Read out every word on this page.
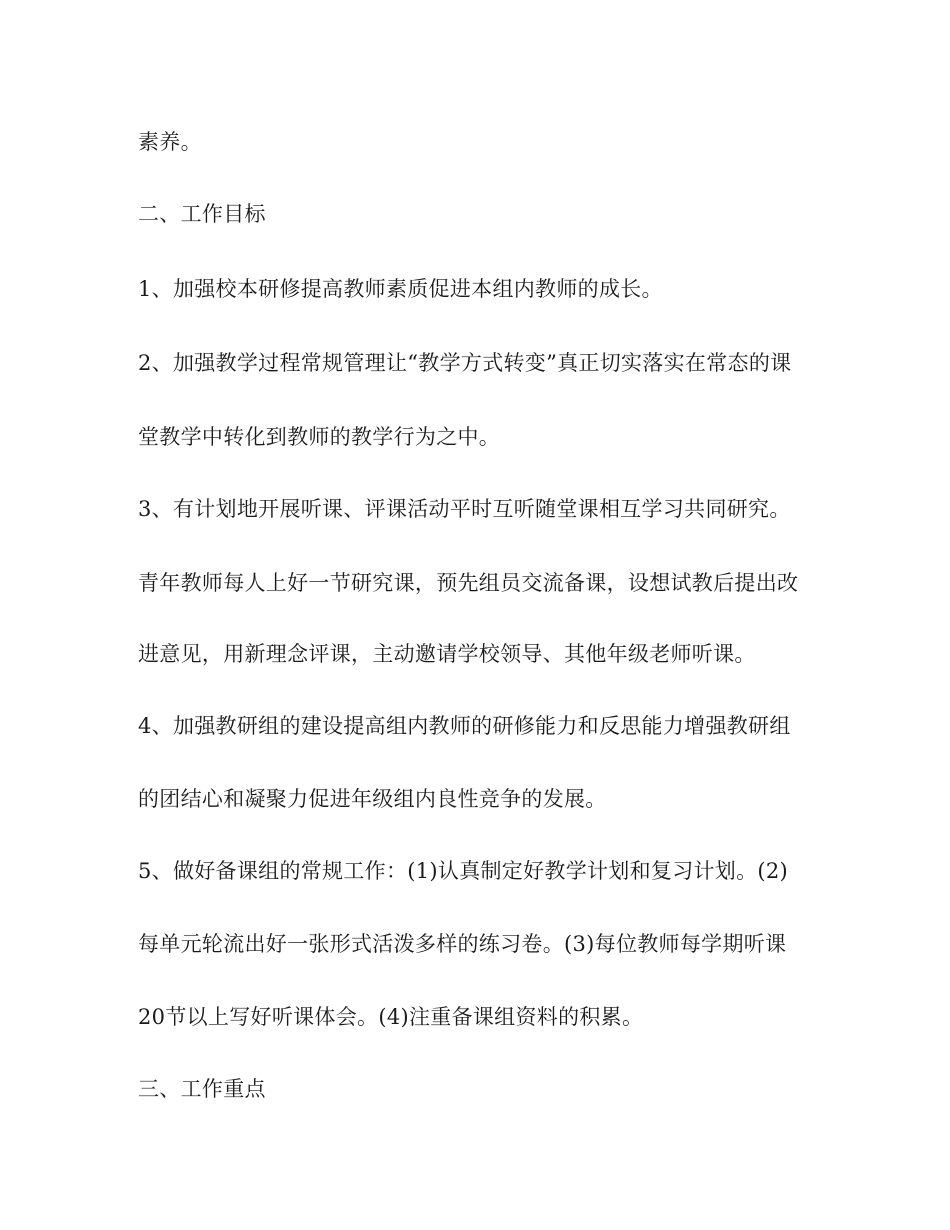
素养。
二、工作目标
1、加强校本研修提高教师素质促进本组内教师的成长。
2、加强教学过程常规管理让“教学方式转变”真正切实落实在常态的课
堂教学中转化到教师的教学行为之中。
3、有计划地开展听课、评课活动平时互听随堂课相互学习共同研究。
青年教师每人上好一节研究课，预先组员交流备课，设想试教后提出改
进意见，用新理念评课，主动邀请学校领导、其他年级老师听课。
4、加强教研组的建设提高组内教师的研修能力和反思能力增强教研组
的团结心和凝聚力促进年级组内良性竞争的发展。
5、做好备课组的常规工作：(1)认真制定好教学计划和复习计划。(2)
每单元轮流出好一张形式活泼多样的练习卷。(3)每位教师每学期听课
20节以上写好听课体会。(4)注重备课组资料的积累。
三、工作重点
